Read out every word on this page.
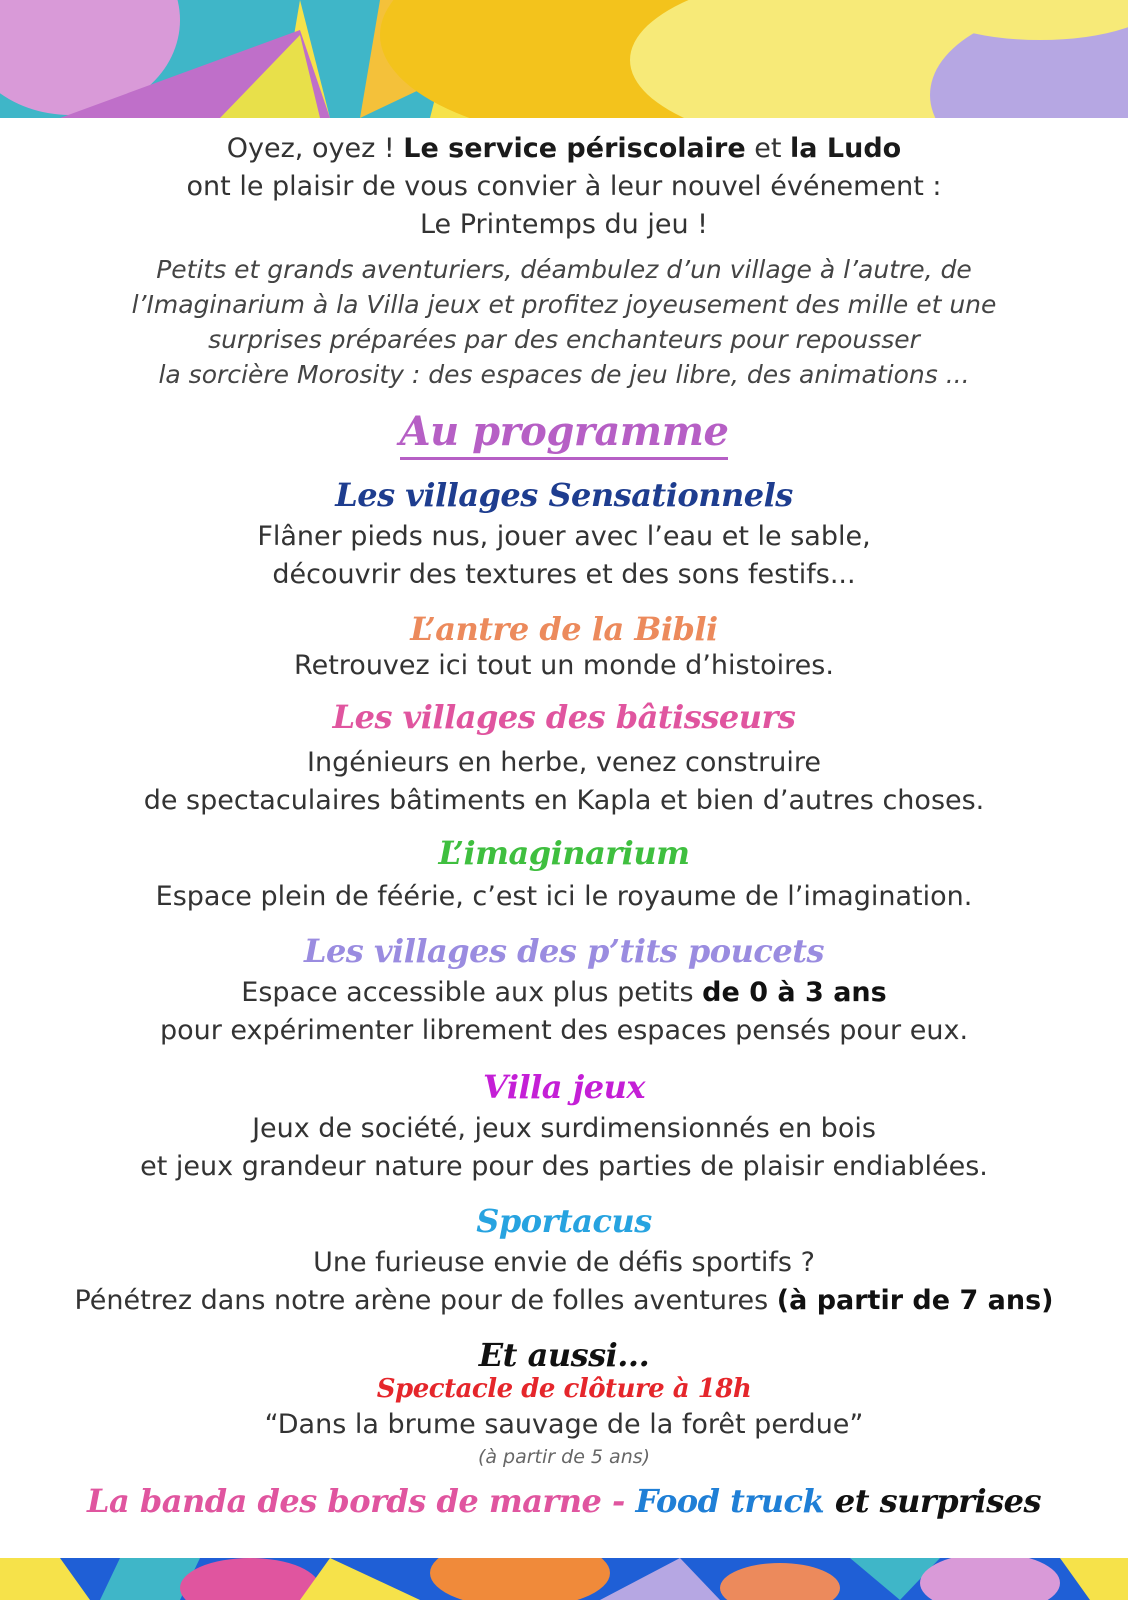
Oyez, oyez ! Le service périscolaire et la Ludo
ont le plaisir de vous convier à leur nouvel événement :
Le Printemps du jeu !
Petits et grands aventuriers, déambulez d’un village à l’autre, de
l’Imaginarium à la Villa jeux et profitez joyeusement des mille et une
surprises préparées par des enchanteurs pour repousser
la sorcière Morosity : des espaces de jeu libre, des animations ...
Au programme
Les villages Sensationnels
Flâner pieds nus, jouer avec l’eau et le sable,
découvrir des textures et des sons festifs...
L’antre de la Bibli
Retrouvez ici tout un monde d’histoires.
Les villages des bâtisseurs
Ingénieurs en herbe, venez construire
de spectaculaires bâtiments en Kapla et bien d’autres choses.
L’imaginarium
Espace plein de féérie, c’est ici le royaume de l’imagination.
Les villages des p’tits poucets
Espace accessible aux plus petits de 0 à 3 ans
pour expérimenter librement des espaces pensés pour eux.
Villa jeux
Jeux de société, jeux surdimensionnés en bois
et jeux grandeur nature pour des parties de plaisir endiablées.
Sportacus
Une furieuse envie de défis sportifs ?
Pénétrez dans notre arène pour de folles aventures (à partir de 7 ans)
Et aussi...
Spectacle de clôture à 18h
“Dans la brume sauvage de la forêt perdue”
(à partir de 5 ans)
La banda des bords de marne - Food truck et surprises
